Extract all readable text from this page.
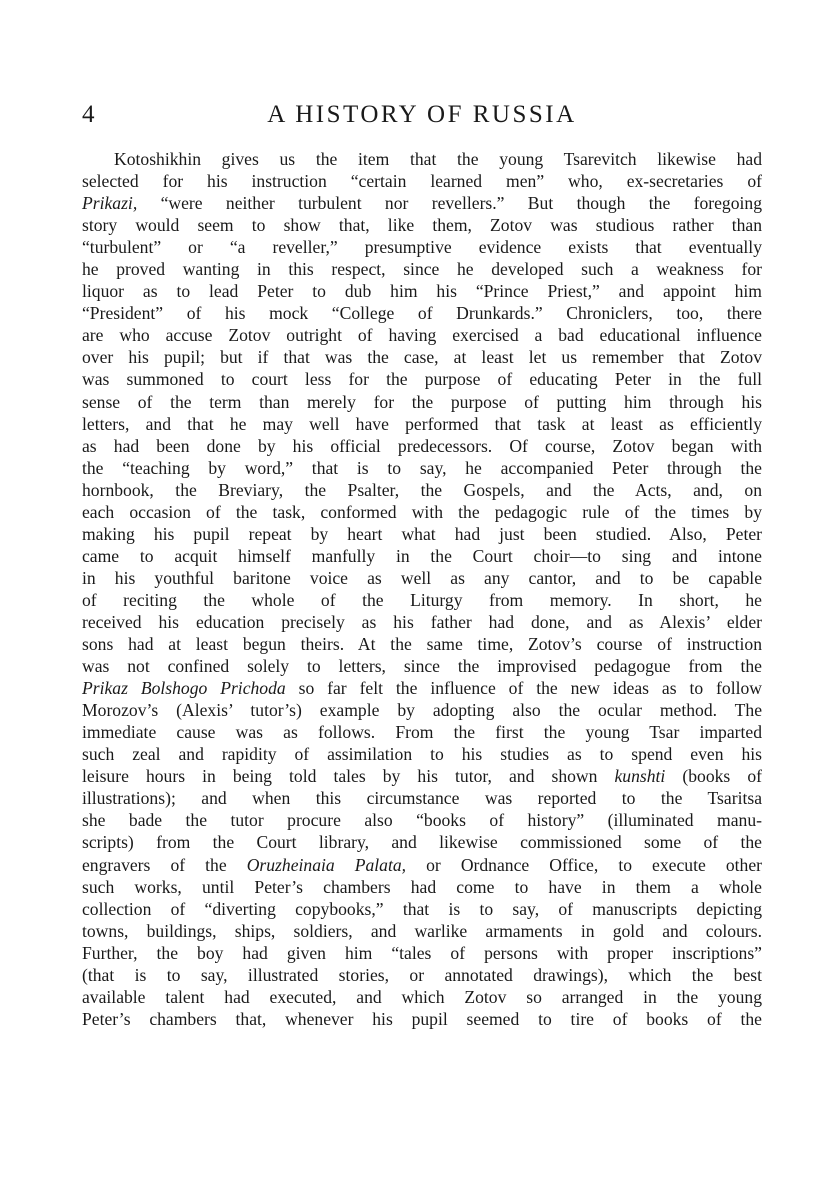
4	A HISTORY OF RUSSIA
Kotoshikhin gives us the item that the young Tsarevitch likewise had
selected for his instruction “certain learned men” who, ex-secretaries of
Prikazi, “were neither turbulent nor revellers.” But though the foregoing
story would seem to show that, like them, Zotov was studious rather than
“turbulent” or “a reveller,” presumptive evidence exists that eventually
he proved wanting in this respect, since he developed such a weakness for
liquor as to lead Peter to dub him his “Prince Priest,” and appoint him
“President” of his mock “College of Drunkards.” Chroniclers, too, there
are who accuse Zotov outright of having exercised a bad educational influence
over his pupil; but if that was the case, at least let us remember that Zotov
was summoned to court less for the purpose of educating Peter in the full
sense of the term than merely for the purpose of putting him through his
letters, and that he may well have performed that task at least as efficiently
as had been done by his official predecessors. Of course, Zotov began with
the “teaching by word,” that is to say, he accompanied Peter through the
hornbook, the Breviary, the Psalter, the Gospels, and the Acts, and, on
each occasion of the task, conformed with the pedagogic rule of the times by
making his pupil repeat by heart what had just been studied. Also, Peter
came to acquit himself manfully in the Court choir—to sing and intone
in his youthful baritone voice as well as any cantor, and to be capable
of reciting the whole of the Liturgy from memory. In short, he
received his education precisely as his father had done, and as Alexis’ elder
sons had at least begun theirs. At the same time, Zotov’s course of instruction
was not confined solely to letters, since the improvised pedagogue from the
Prikaz Bolshogo Prichoda so far felt the influence of the new ideas as to follow
Morozov’s (Alexis’ tutor’s) example by adopting also the ocular method. The
immediate cause was as follows. From the first the young Tsar imparted
such zeal and rapidity of assimilation to his studies as to spend even his
leisure hours in being told tales by his tutor, and shown kunshti (books of
illustrations); and when this circumstance was reported to the Tsaritsa
she bade the tutor procure also “books of history” (illuminated manu-
scripts) from the Court library, and likewise commissioned some of the
engravers of the Oruzheinaia Palata, or Ordnance Office, to execute other
such works, until Peter’s chambers had come to have in them a whole
collection of “diverting copybooks,” that is to say, of manuscripts depicting
towns, buildings, ships, soldiers, and warlike armaments in gold and colours.
Further, the boy had given him “tales of persons with proper inscriptions”
(that is to say, illustrated stories, or annotated drawings), which the best
available talent had executed, and which Zotov so arranged in the young
Peter’s chambers that, whenever his pupil seemed to tire of books of the
